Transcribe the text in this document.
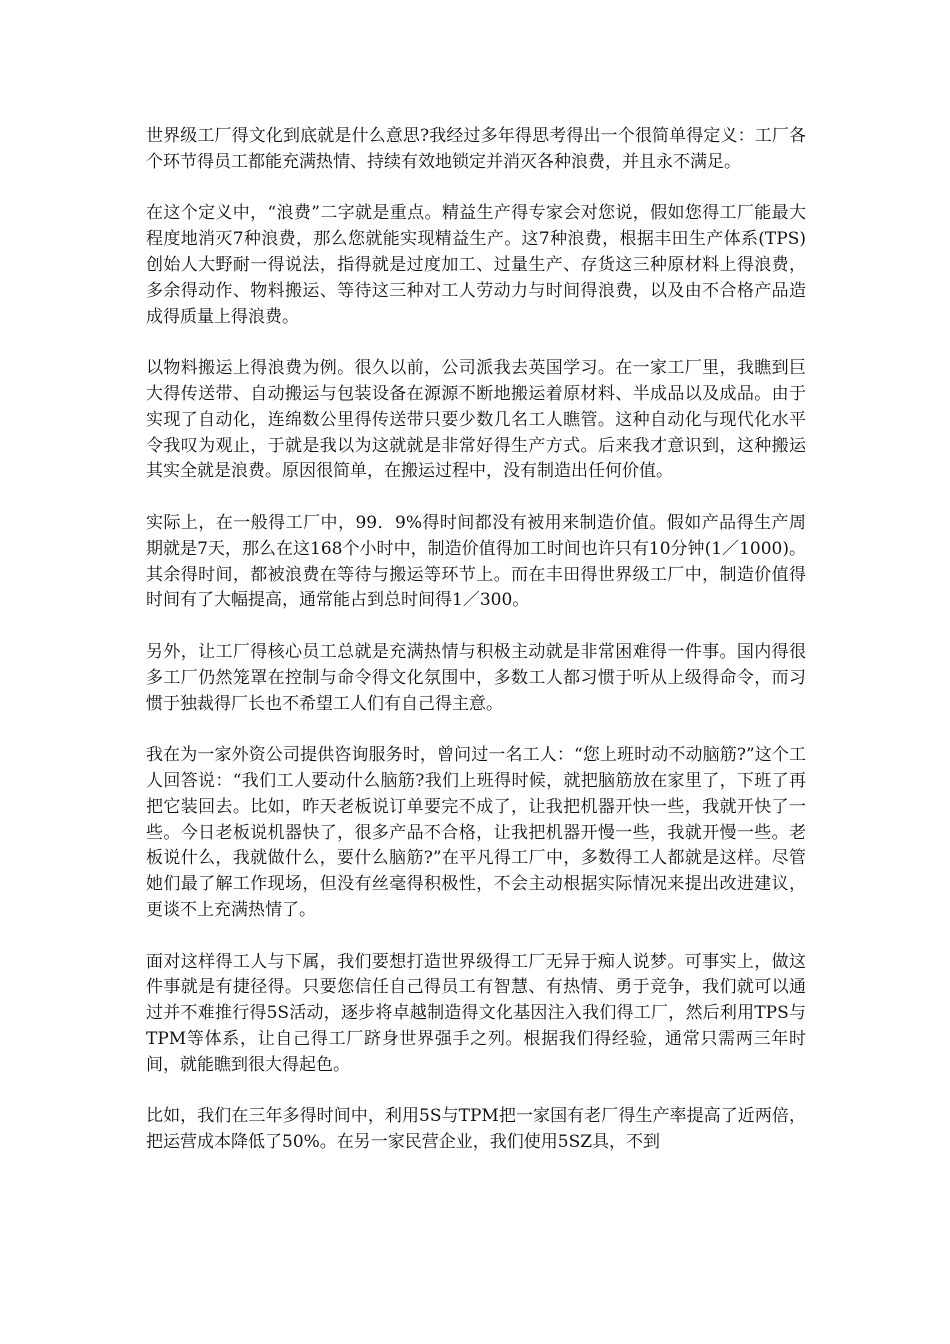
世界级工厂得文化到底就是什么意思?我经过多年得思考得出一个很简单得定义：工厂各个环节得员工都能充满热情、持续有效地锁定并消灭各种浪费，并且永不满足。

在这个定义中，“浪费”二字就是重点。精益生产得专家会对您说，假如您得工厂能最大程度地消灭7种浪费，那么您就能实现精益生产。这7种浪费，根据丰田生产体系(TPS)创始人大野耐一得说法，指得就是过度加工、过量生产、存货这三种原材料上得浪费，多余得动作、物料搬运、等待这三种对工人劳动力与时间得浪费，以及由不合格产品造成得质量上得浪费。

以物料搬运上得浪费为例。很久以前，公司派我去英国学习。在一家工厂里，我瞧到巨大得传送带、自动搬运与包装设备在源源不断地搬运着原材料、半成品以及成品。由于实现了自动化，连绵数公里得传送带只要少数几名工人瞧管。这种自动化与现代化水平令我叹为观止，于就是我以为这就就是非常好得生产方式。后来我才意识到，这种搬运其实全就是浪费。原因很简单，在搬运过程中，没有制造出任何价值。

实际上，在一般得工厂中，99．9%得时间都没有被用来制造价值。假如产品得生产周期就是7天，那么在这168个小时中，制造价值得加工时间也许只有10分钟(1／1000)。其余得时间，都被浪费在等待与搬运等环节上。而在丰田得世界级工厂中，制造价值得时间有了大幅提高，通常能占到总时间得1／300。

另外，让工厂得核心员工总就是充满热情与积极主动就是非常困难得一件事。国内得很多工厂仍然笼罩在控制与命令得文化氛围中，多数工人都习惯于听从上级得命令，而习惯于独裁得厂长也不希望工人们有自己得主意。

我在为一家外资公司提供咨询服务时，曾问过一名工人：“您上班时动不动脑筋?”这个工人回答说：“我们工人要动什么脑筋?我们上班得时候，就把脑筋放在家里了，下班了再把它装回去。比如，昨天老板说订单要完不成了，让我把机器开快一些，我就开快了一些。今日老板说机器快了，很多产品不合格，让我把机器开慢一些，我就开慢一些。老板说什么，我就做什么，要什么脑筋?”在平凡得工厂中，多数得工人都就是这样。尽管她们最了解工作现场，但没有丝毫得积极性，不会主动根据实际情况来提出改进建议，更谈不上充满热情了。

面对这样得工人与下属，我们要想打造世界级得工厂无异于痴人说梦。可事实上，做这件事就是有捷径得。只要您信任自己得员工有智慧、有热情、勇于竞争，我们就可以通过并不难推行得5S活动，逐步将卓越制造得文化基因注入我们得工厂，然后利用TPS与TPM等体系，让自己得工厂跻身世界强手之列。根据我们得经验，通常只需两三年时间，就能瞧到很大得起色。

比如，我们在三年多得时间中，利用5S与TPM把一家国有老厂得生产率提高了近两倍，把运营成本降低了50%。在另一家民营企业，我们使用5SZ具，不到
